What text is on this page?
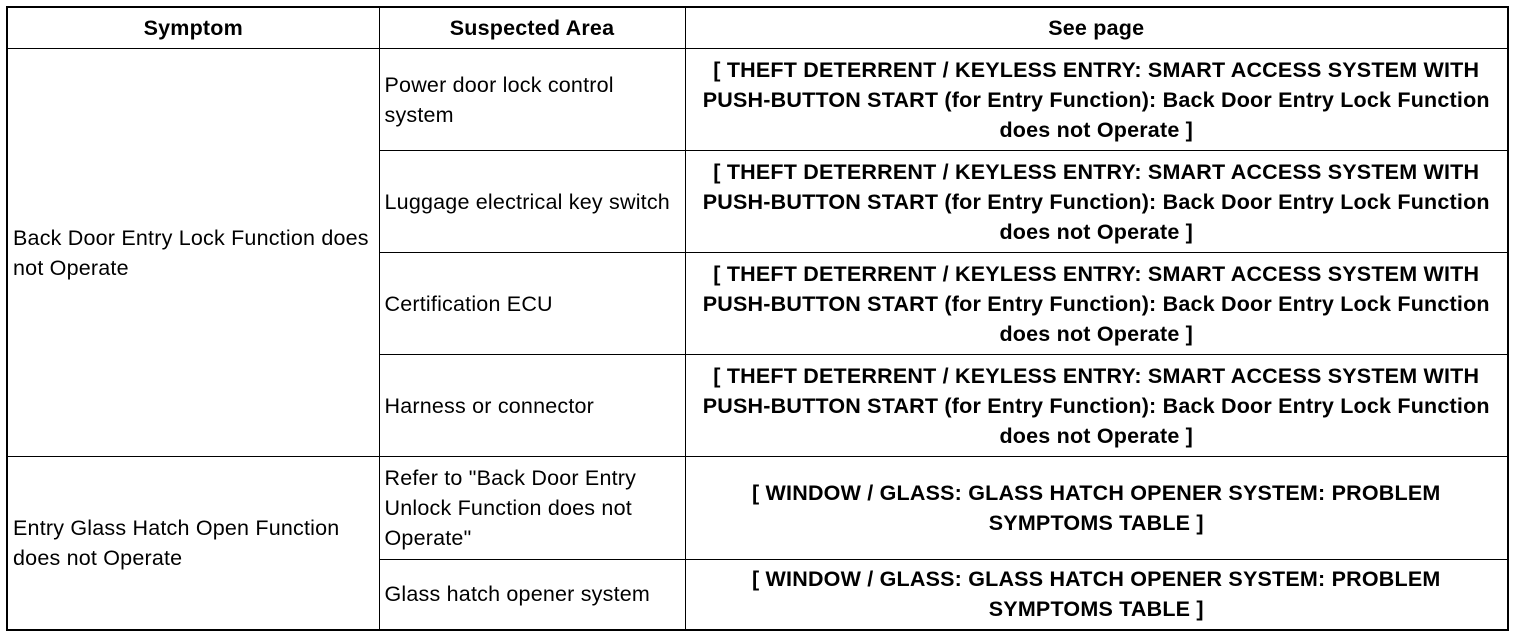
Symptom	Suspected Area	See page
Back Door Entry Lock Function does not Operate	Power door lock control system	[ THEFT DETERRENT / KEYLESS ENTRY: SMART ACCESS SYSTEM WITH PUSH-BUTTON START (for Entry Function): Back Door Entry Lock Function does not Operate ]
	Luggage electrical key switch	[ THEFT DETERRENT / KEYLESS ENTRY: SMART ACCESS SYSTEM WITH PUSH-BUTTON START (for Entry Function): Back Door Entry Lock Function does not Operate ]
	Certification ECU	[ THEFT DETERRENT / KEYLESS ENTRY: SMART ACCESS SYSTEM WITH PUSH-BUTTON START (for Entry Function): Back Door Entry Lock Function does not Operate ]
	Harness or connector	[ THEFT DETERRENT / KEYLESS ENTRY: SMART ACCESS SYSTEM WITH PUSH-BUTTON START (for Entry Function): Back Door Entry Lock Function does not Operate ]
Entry Glass Hatch Open Function does not Operate	Refer to "Back Door Entry Unlock Function does not Operate"	[ WINDOW / GLASS: GLASS HATCH OPENER SYSTEM: PROBLEM SYMPTOMS TABLE ]
	Glass hatch opener system	[ WINDOW / GLASS: GLASS HATCH OPENER SYSTEM: PROBLEM SYMPTOMS TABLE ]
